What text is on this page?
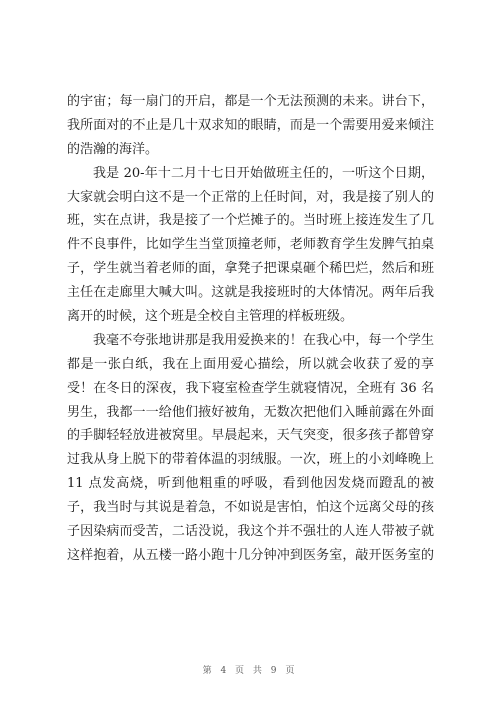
的宇宙；每一扇门的开启，都是一个无法预测的未来。讲台下，
我所面对的不止是几十双求知的眼睛，而是一个需要用爱来倾注
的浩瀚的海洋。
我是 20-年十二月十七日开始做班主任的，一听这个日期，
大家就会明白这不是一个正常的上任时间，对，我是接了别人的
班，实在点讲，我是接了一个烂摊子的。当时班上接连发生了几
件不良事件，比如学生当堂顶撞老师，老师教育学生发脾气拍桌
子，学生就当着老师的面，拿凳子把课桌砸个稀巴烂，然后和班
主任在走廊里大喊大叫。这就是我接班时的大体情况。两年后我
离开的时候，这个班是全校自主管理的样板班级。
我毫不夸张地讲那是我用爱换来的！在我心中，每一个学生
都是一张白纸，我在上面用爱心描绘，所以就会收获了爱的享
受！在冬日的深夜，我下寝室检查学生就寝情况，全班有 36 名
男生，我都一一给他们掖好被角，无数次把他们入睡前露在外面
的手脚轻轻放进被窝里。早晨起来，天气突变，很多孩子都曾穿
过我从身上脱下的带着体温的羽绒服。一次，班上的小刘峰晚上
11 点发高烧，听到他粗重的呼吸，看到他因发烧而蹬乱的被
子，我当时与其说是着急，不如说是害怕，怕这个远离父母的孩
子因染病而受苦，二话没说，我这个并不强壮的人连人带被子就
这样抱着，从五楼一路小跑十几分钟冲到医务室，敲开医务室的
第 4 页 共 9 页
